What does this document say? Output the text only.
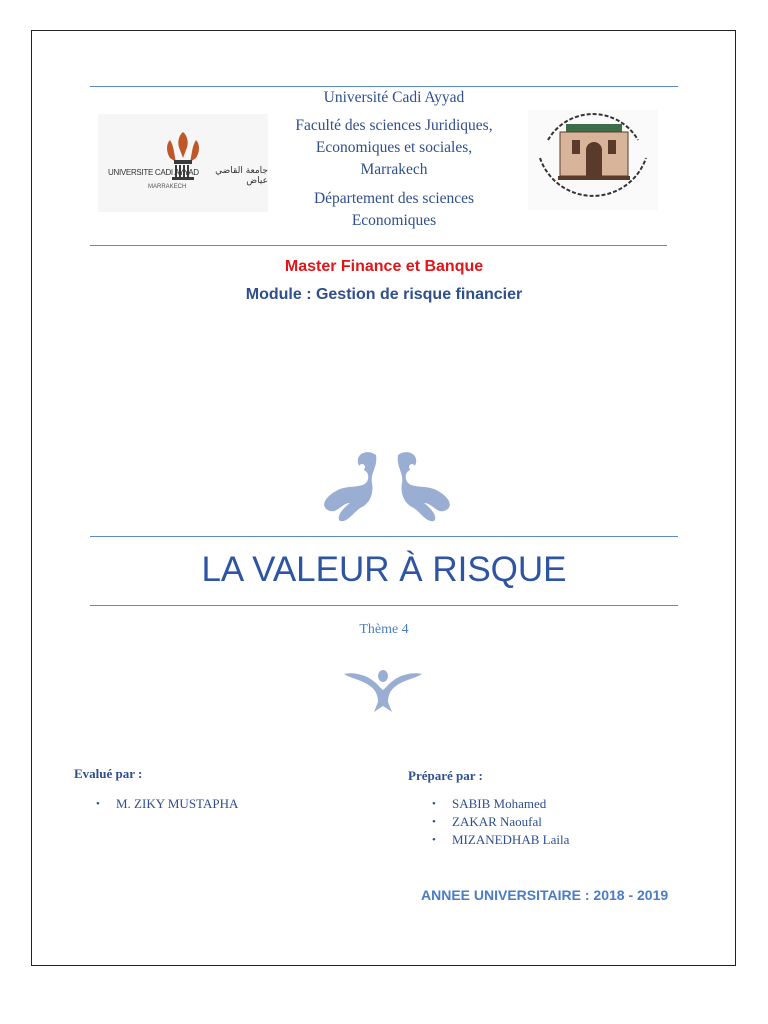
UNIVERSITE CADI AYYAD
MARRAKECH
جامعة القاضي عياض
Université Cadi Ayyad
Faculté des sciences Juridiques,
Economiques et sociales,
Marrakech
Département des sciences
Economiques
Master Finance et Banque
Module : Gestion de risque financier
LA VALEUR À RISQUE
Thème 4
Evalué par :
• M. ZIKY MUSTAPHA
Préparé par :
• SABIB Mohamed
• ZAKAR Naoufal
• MIZANEDHAB Laila
ANNEE UNIVERSITAIRE : 2018 - 2019
